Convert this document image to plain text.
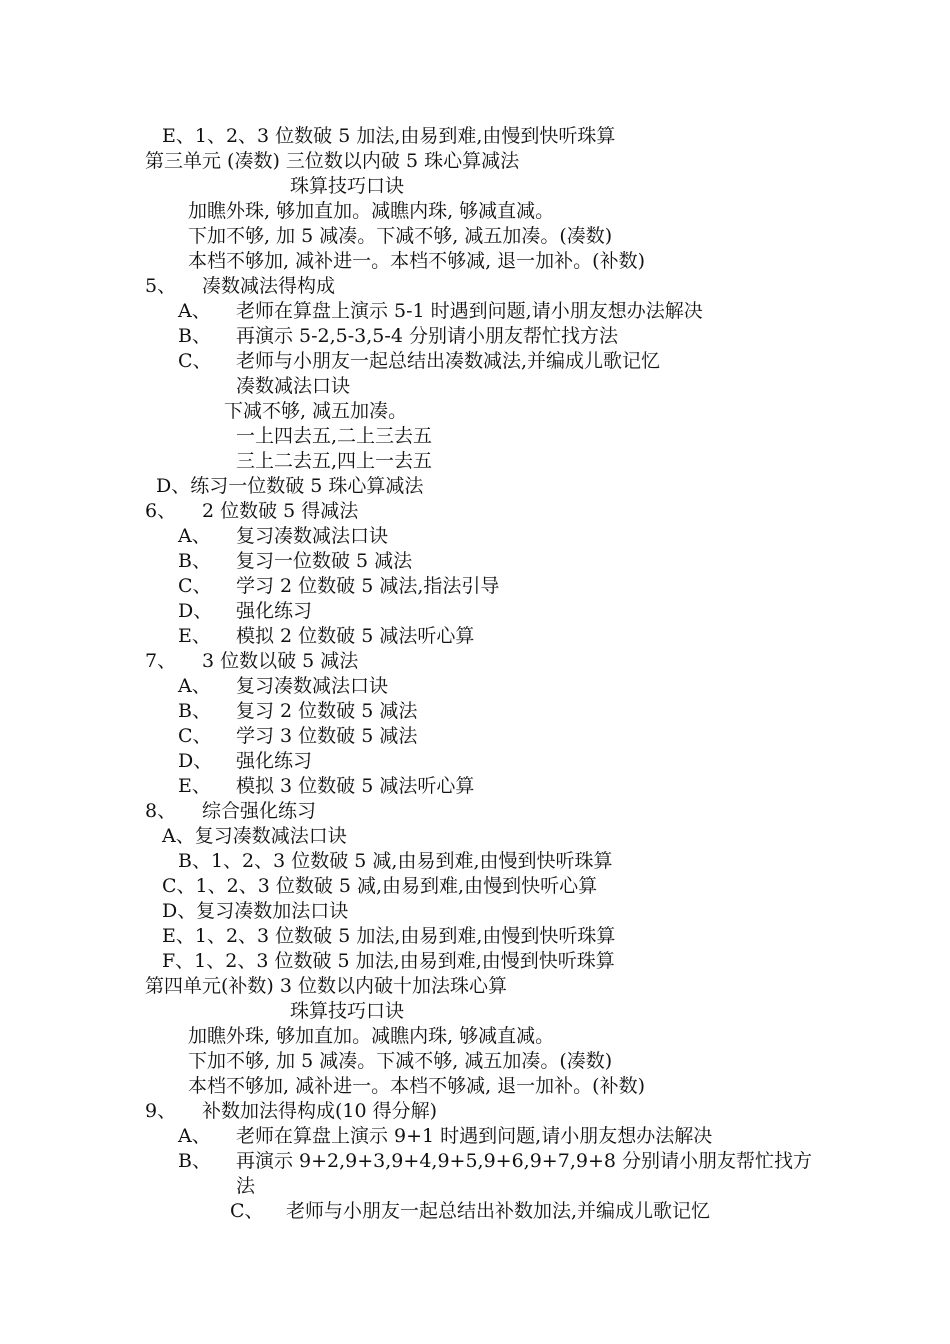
E、1、2、3 位数破 5 加法,由易到难,由慢到快听珠算
第三单元 (凑数) 三位数以内破 5 珠心算减法
珠算技巧口诀
加瞧外珠, 够加直加。减瞧内珠, 够减直减。
下加不够, 加 5 减凑。下减不够, 减五加凑。(凑数)
本档不够加, 减补进一。本档不够减, 退一加补。(补数)
5、 凑数减法得构成
A、 老师在算盘上演示 5-1 时遇到问题,请小朋友想办法解决
B、 再演示 5-2,5-3,5-4 分别请小朋友帮忙找方法
C、 老师与小朋友一起总结出凑数减法,并编成儿歌记忆
凑数减法口诀
下减不够, 减五加凑。
一上四去五,二上三去五
三上二去五,四上一去五
D、练习一位数破 5 珠心算减法
6、 2 位数破 5 得减法
A、 复习凑数减法口诀
B、 复习一位数破 5 减法
C、 学习 2 位数破 5 减法,指法引导
D、 强化练习
E、 模拟 2 位数破 5 减法听心算
7、 3 位数以破 5 减法
A、 复习凑数减法口诀
B、 复习 2 位数破 5 减法
C、 学习 3 位数破 5 减法
D、 强化练习
E、 模拟 3 位数破 5 减法听心算
8、 综合强化练习
A、复习凑数减法口诀
B、1、2、3 位数破 5 减,由易到难,由慢到快听珠算
C、1、2、3 位数破 5 减,由易到难,由慢到快听心算
D、复习凑数加法口诀
E、1、2、3 位数破 5 加法,由易到难,由慢到快听珠算
F、1、2、3 位数破 5 加法,由易到难,由慢到快听珠算
第四单元(补数) 3 位数以内破十加法珠心算
珠算技巧口诀
加瞧外珠, 够加直加。减瞧内珠, 够减直减。
下加不够, 加 5 减凑。下减不够, 减五加凑。(凑数)
本档不够加, 减补进一。本档不够减, 退一加补。(补数)
9、 补数加法得构成(10 得分解)
A、 老师在算盘上演示 9+1 时遇到问题,请小朋友想办法解决
B、 再演示 9+2,9+3,9+4,9+5,9+6,9+7,9+8 分别请小朋友帮忙找方
法
C、 老师与小朋友一起总结出补数加法,并编成儿歌记忆
